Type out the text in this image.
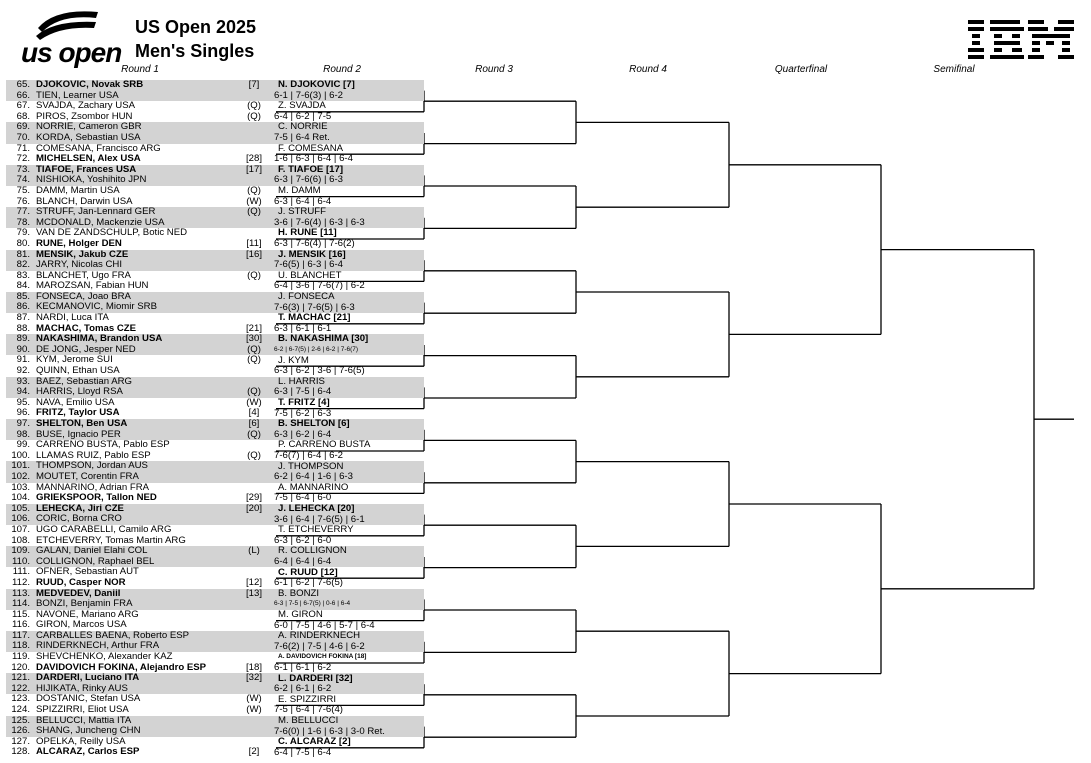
us open
US Open 2025
Men's Singles
Round 1	Round 2	Round 3	Round 4	Quarterfinal	Semifinal
65. DJOKOVIC, Novak SRB	[7]
66. TIEN, Learner USA
67. SVAJDA, Zachary USA	(Q)
68. PIROS, Zsombor HUN	(Q)
69. NORRIE, Cameron GBR
70. KORDA, Sebastian USA
71. COMESANA, Francisco ARG
72. MICHELSEN, Alex USA	[28]
73. TIAFOE, Frances USA	[17]
74. NISHIOKA, Yoshihito JPN
75. DAMM, Martin USA	(Q)
76. BLANCH, Darwin USA	(W)
77. STRUFF, Jan-Lennard GER	(Q)
78. MCDONALD, Mackenzie USA
79. VAN DE ZANDSCHULP, Botic NED
80. RUNE, Holger DEN	[11]
81. MENSIK, Jakub CZE	[16]
82. JARRY, Nicolas CHI
83. BLANCHET, Ugo FRA	(Q)
84. MAROZSAN, Fabian HUN
85. FONSECA, Joao BRA
86. KECMANOVIC, Miomir SRB
87. NARDI, Luca ITA
88. MACHAC, Tomas CZE	[21]
89. NAKASHIMA, Brandon USA	[30]
90. DE JONG, Jesper NED	(Q)
91. KYM, Jerome SUI	(Q)
92. QUINN, Ethan USA
93. BAEZ, Sebastian ARG
94. HARRIS, Lloyd RSA	(Q)
95. NAVA, Emilio USA	(W)
96. FRITZ, Taylor USA	[4]
97. SHELTON, Ben USA	[6]
98. BUSE, Ignacio PER	(Q)
99. CARRENO BUSTA, Pablo ESP
100. LLAMAS RUIZ, Pablo ESP	(Q)
101. THOMPSON, Jordan AUS
102. MOUTET, Corentin FRA
103. MANNARINO, Adrian FRA
104. GRIEKSPOOR, Tallon NED	[29]
105. LEHECKA, Jiri CZE	[20]
106. CORIC, Borna CRO
107. UGO CARABELLI, Camilo ARG
108. ETCHEVERRY, Tomas Martin ARG
109. GALAN, Daniel Elahi COL	(L)
110. COLLIGNON, Raphael BEL
111. OFNER, Sebastian AUT
112. RUUD, Casper NOR	[12]
113. MEDVEDEV, Daniil	[13]
114. BONZI, Benjamin FRA
115. NAVONE, Mariano ARG
116. GIRON, Marcos USA
117. CARBALLES BAENA, Roberto ESP
118. RINDERKNECH, Arthur FRA
119. SHEVCHENKO, Alexander KAZ
120. DAVIDOVICH FOKINA, Alejandro ESP	[18]
121. DARDERI, Luciano ITA	[32]
122. HIJIKATA, Rinky AUS
123. DOSTANIC, Stefan USA	(W)
124. SPIZZIRRI, Eliot USA	(W)
125. BELLUCCI, Mattia ITA
126. SHANG, Juncheng CHN
127. OPELKA, Reilly USA
128. ALCARAZ, Carlos ESP	[2]
N. DJOKOVIC [7]
6-1 | 7-6(3) | 6-2
Z. SVAJDA
6-4 | 6-2 | 7-5
C. NORRIE
7-5 | 6-4 Ret.
F. COMESANA
1-6 | 6-3 | 6-4 | 6-4
F. TIAFOE [17]
6-3 | 7-6(6) | 6-3
M. DAMM
6-3 | 6-4 | 6-4
J. STRUFF
3-6 | 7-6(4) | 6-3 | 6-3
H. RUNE [11]
6-3 | 7-6(4) | 7-6(2)
J. MENSIK [16]
7-6(5) | 6-3 | 6-4
U. BLANCHET
6-4 | 3-6 | 7-6(7) | 6-2
J. FONSECA
7-6(3) | 7-6(5) | 6-3
T. MACHAC [21]
6-3 | 6-1 | 6-1
B. NAKASHIMA [30]
6-2 | 6-7(5) | 2-6 | 6-2 | 7-6(7)
J. KYM
6-3 | 6-2 | 3-6 | 7-6(5)
L. HARRIS
6-3 | 7-5 | 6-4
T. FRITZ [4]
7-5 | 6-2 | 6-3
B. SHELTON [6]
6-3 | 6-2 | 6-4
P. CARRENO BUSTA
7-6(7) | 6-4 | 6-2
J. THOMPSON
6-2 | 6-4 | 1-6 | 6-3
A. MANNARINO
7-5 | 6-4 | 6-0
J. LEHECKA [20]
3-6 | 6-4 | 7-6(5) | 6-1
T. ETCHEVERRY
6-3 | 6-2 | 6-0
R. COLLIGNON
6-4 | 6-4 | 6-4
C. RUUD [12]
6-1 | 6-2 | 7-6(5)
B. BONZI
6-3 | 7-5 | 6-7(5) | 0-6 | 6-4
M. GIRON
6-0 | 7-5 | 4-6 | 5-7 | 6-4
A. RINDERKNECH
7-6(2) | 7-5 | 4-6 | 6-2
A. DAVIDOVICH FOKINA [18]
6-1 | 6-1 | 6-2
L. DARDERI [32]
6-2 | 6-1 | 6-2
E. SPIZZIRRI
7-5 | 6-4 | 7-6(4)
M. BELLUCCI
7-6(0) | 1-6 | 6-3 | 3-0 Ret.
C. ALCARAZ [2]
6-4 | 7-5 | 6-4
